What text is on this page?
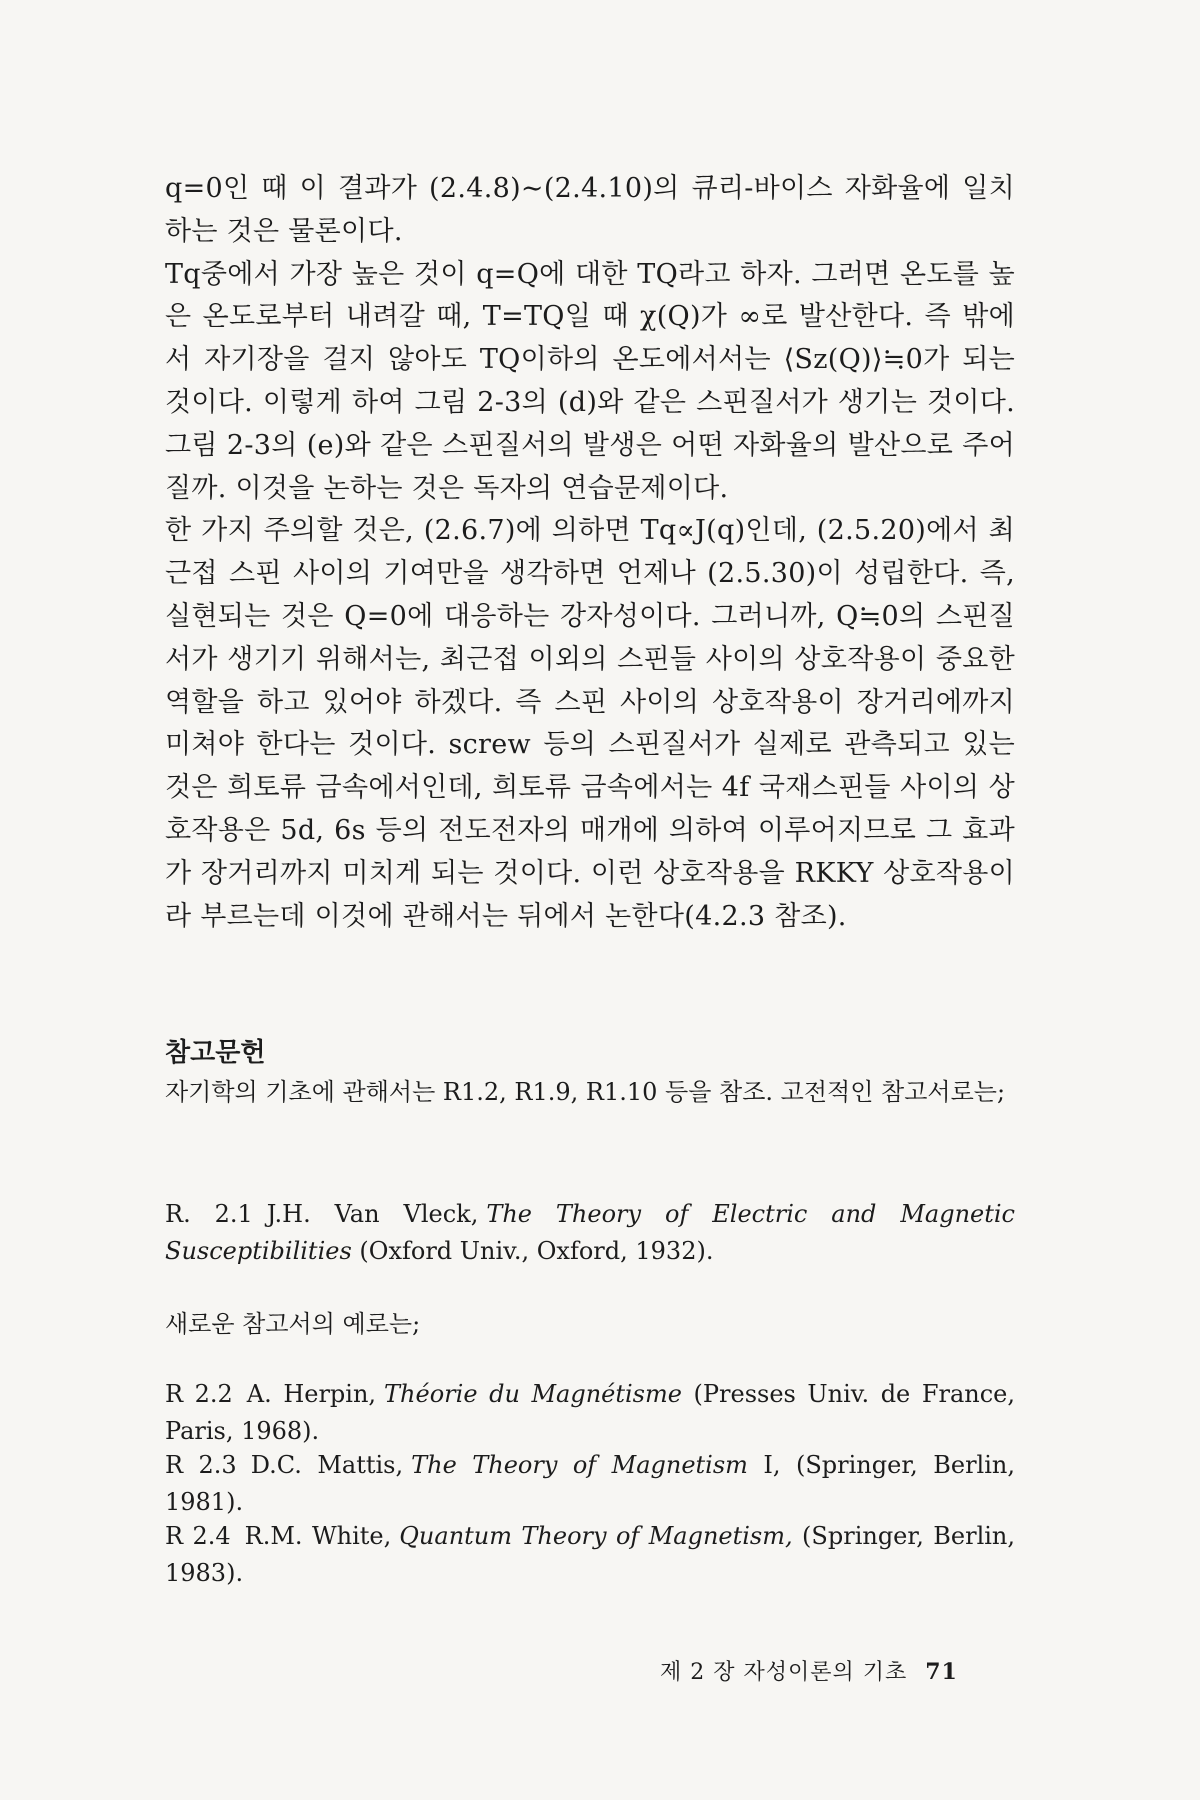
q=0인 때 이 결과가 (2.4.8)∼(2.4.10)의 큐리-바이스 자화율에 일치하는 것은 물론이다.

Tq중에서 가장 높은 것이 q=Q에 대한 TQ라고 하자. 그러면 온도를 높은 온도로부터 내려갈 때, T=TQ일 때 χ(Q)가 ∞로 발산한다. 즉 밖에서 자기장을 걸지 않아도 TQ이하의 온도에서서는 ⟨Sz(Q)⟩≒0가 되는 것이다. 이렇게 하여 그림 2-3의 (d)와 같은 스핀질서가 생기는 것이다. 그림 2-3의 (e)와 같은 스핀질서의 발생은 어떤 자화율의 발산으로 주어질까. 이것을 논하는 것은 독자의 연습문제이다.

한 가지 주의할 것은, (2.6.7)에 의하면 Tq∝J(q)인데, (2.5.20)에서 최근접 스핀 사이의 기여만을 생각하면 언제나 (2.5.30)이 성립한다. 즉, 실현되는 것은 Q=0에 대응하는 강자성이다. 그러니까, Q≒0의 스핀질서가 생기기 위해서는, 최근접 이외의 스핀들 사이의 상호작용이 중요한 역할을 하고 있어야 하겠다. 즉 스핀 사이의 상호작용이 장거리에까지 미쳐야 한다는 것이다. screw 등의 스핀질서가 실제로 관측되고 있는 것은 희토류 금속에서인데, 희토류 금속에서는 4f 국재스핀들 사이의 상호작용은 5d, 6s 등의 전도전자의 매개에 의하여 이루어지므로 그 효과가 장거리까지 미치게 되는 것이다. 이런 상호작용을 RKKY 상호작용이라 부르는데 이것에 관해서는 뒤에서 논한다(4.2.3 참조).

참고문헌

자기학의 기초에 관해서는 R1.2, R1.9, R1.10 등을 참조. 고전적인 참고서로는;

R. 2.1 J.H. Van Vleck, The Theory of Electric and Magnetic Susceptibilities (Oxford Univ., Oxford, 1932).

새로운 참고서의 예로는;

R 2.2 A. Herpin, Théorie du Magnétisme (Presses Univ. de France, Paris, 1968).

R 2.3 D.C. Mattis, The Theory of Magnetism I, (Springer, Berlin, 1981).

R 2.4 R.M. White, Quantum Theory of Magnetism, (Springer, Berlin, 1983).

제 2 장 자성이론의 기초 71
